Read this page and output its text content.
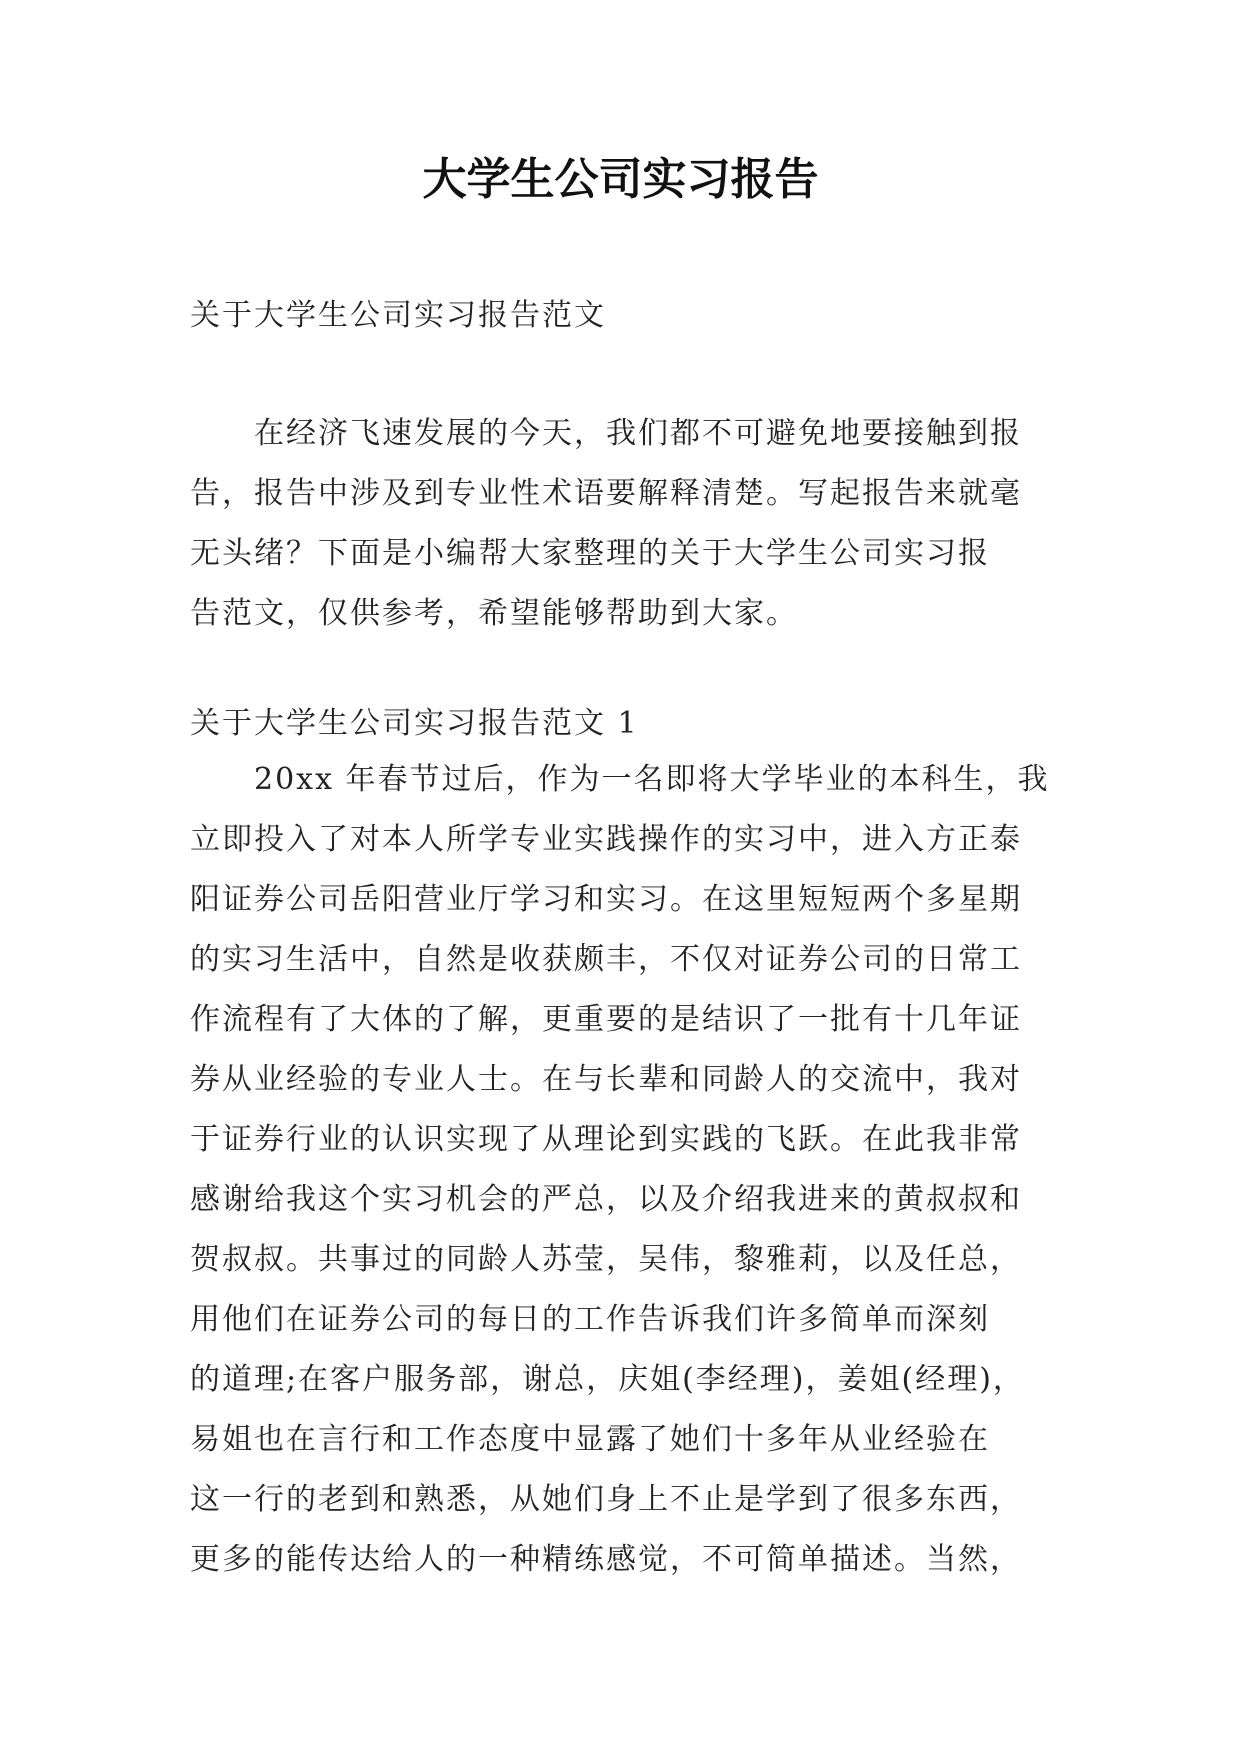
大学生公司实习报告

关于大学生公司实习报告范文

在经济飞速发展的今天，我们都不可避免地要接触到报
告，报告中涉及到专业性术语要解释清楚。写起报告来就毫
无头绪？下面是小编帮大家整理的关于大学生公司实习报
告范文，仅供参考，希望能够帮助到大家。

关于大学生公司实习报告范文 1

20xx 年春节过后，作为一名即将大学毕业的本科生，我
立即投入了对本人所学专业实践操作的实习中，进入方正泰
阳证券公司岳阳营业厅学习和实习。在这里短短两个多星期
的实习生活中，自然是收获颇丰，不仅对证券公司的日常工
作流程有了大体的了解，更重要的是结识了一批有十几年证
券从业经验的专业人士。在与长辈和同龄人的交流中，我对
于证券行业的认识实现了从理论到实践的飞跃。在此我非常
感谢给我这个实习机会的严总，以及介绍我进来的黄叔叔和
贺叔叔。共事过的同龄人苏莹，吴伟，黎雅莉，以及任总，
用他们在证券公司的每日的工作告诉我们许多简单而深刻
的道理;在客户服务部，谢总，庆姐(李经理)，姜姐(经理)，
易姐也在言行和工作态度中显露了她们十多年从业经验在
这一行的老到和熟悉，从她们身上不止是学到了很多东西，
更多的能传达给人的一种精练感觉，不可简单描述。当然，
